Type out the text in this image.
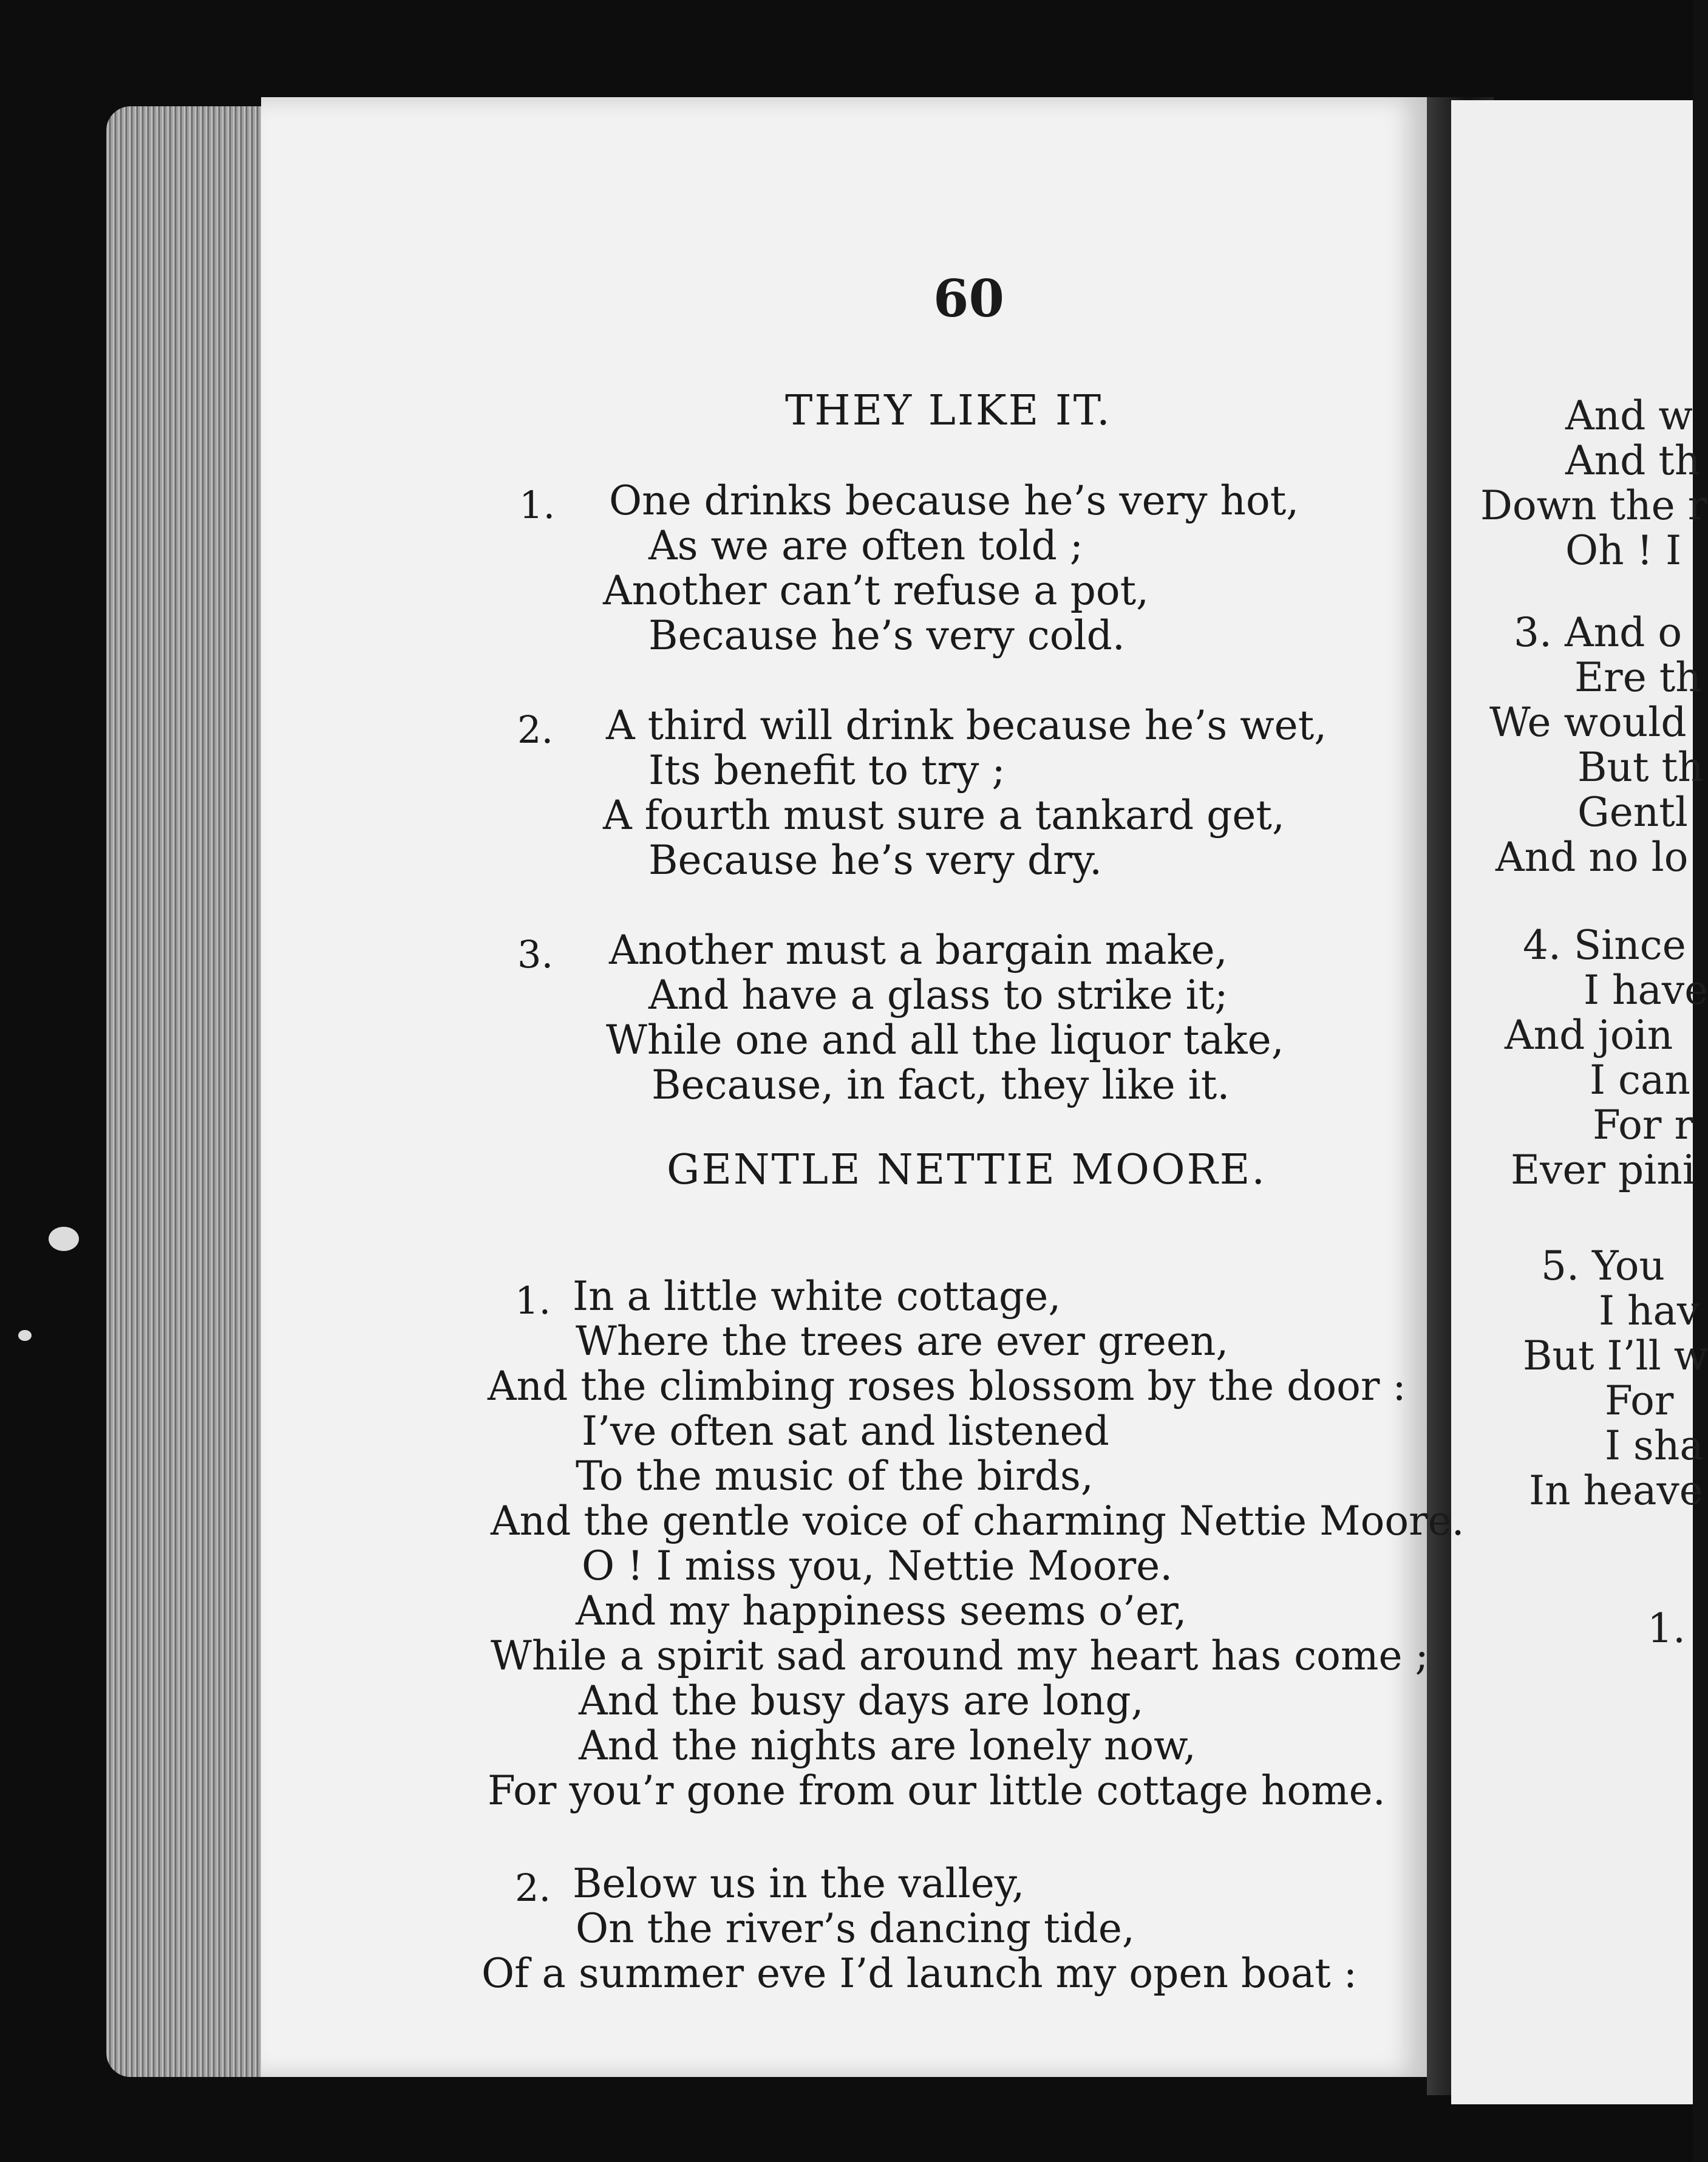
60
THEY LIKE IT.
1. One drinks because he’s very hot,
As we are often told ;
Another can’t refuse a pot,
Because he’s very cold.
2. A third will drink because he’s wet,
Its benefit to try ;
A fourth must sure a tankard get,
Because he’s very dry.
3. Another must a bargain make,
And have a glass to strike it;
While one and all the liquor take,
Because, in fact, they like it.
GENTLE NETTIE MOORE.
1. In a little white cottage,
Where the trees are ever green,
And the climbing roses blossom by the door :
I’ve often sat and listened
To the music of the birds,
And the gentle voice of charming Nettie Moore.
O ! I miss you, Nettie Moore.
And my happiness seems o’er,
While a spirit sad around my heart has come ;
And the busy days are long,
And the nights are lonely now,
For you’r gone from our little cottage home.
2. Below us in the valley,
On the river’s dancing tide,
Of a summer eve I’d launch my open boat :
And w
And th
Down the r
Oh ! I
3. And o
Ere th
We would
But th
Gentl
And no lo
4. Since
I have
And join
I can
For r
Ever pini
5. You
I hav
But I’ll w
For
I sha
In heave
1.
